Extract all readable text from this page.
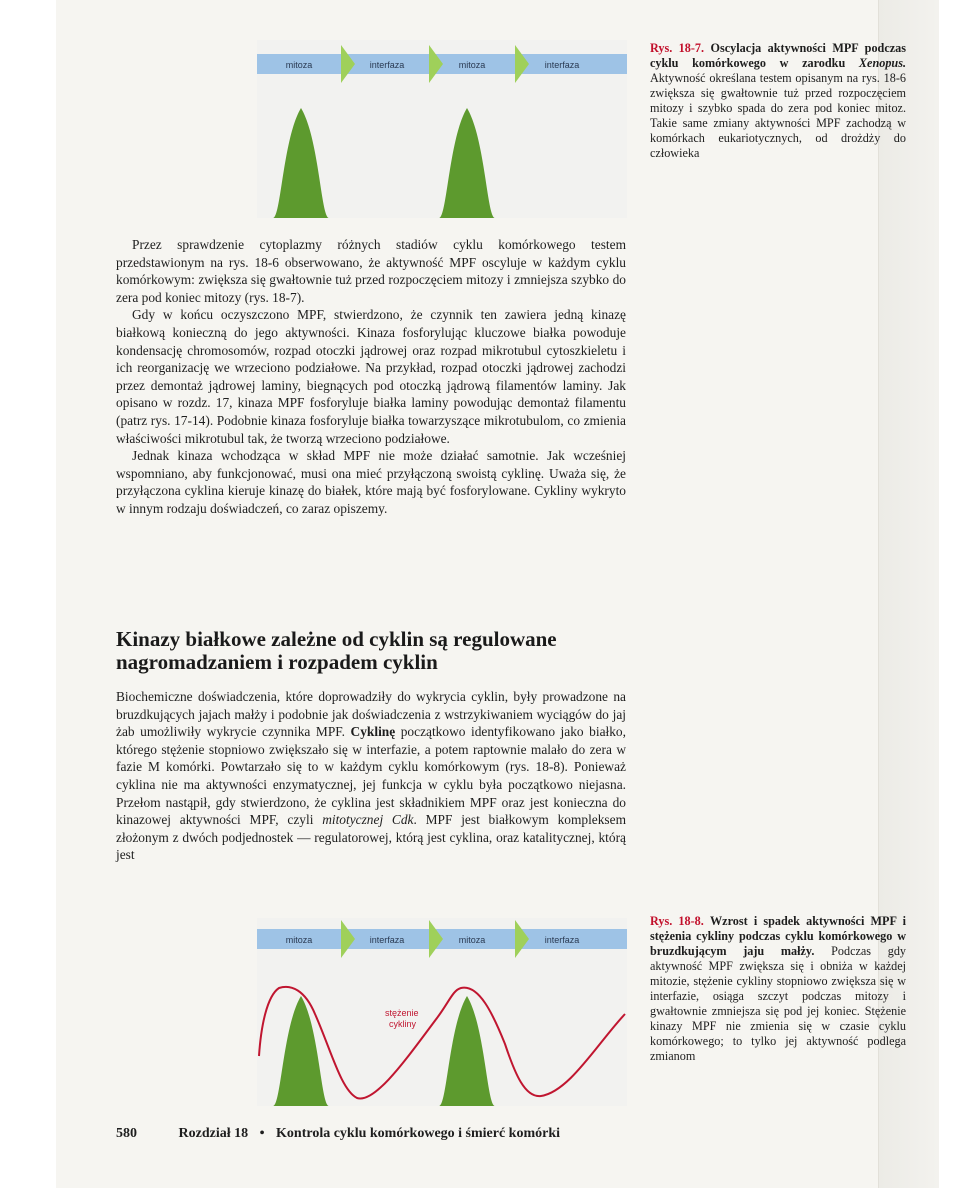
mitoza	interfaza	mitoza	interfaza
Rys. 18-7. Oscylacja aktywności MPF podczas cyklu komórkowego w zarodku Xenopus. Aktywność określana testem opisanym na rys. 18-6 zwiększa się gwałtownie tuż przed rozpoczęciem mitozy i szybko spada do zera pod koniec mitoz. Takie same zmiany aktywności MPF zachodzą w komórkach eukariotycznych, od drożdży do człowieka

Przez sprawdzenie cytoplazmy różnych stadiów cyklu komórkowego testem przedstawionym na rys. 18-6 obserwowano, że aktywność MPF oscyluje w każdym cyklu komórkowym: zwiększa się gwałtownie tuż przed rozpoczęciem mitozy i zmniejsza szybko do zera pod koniec mitozy (rys. 18-7).

Gdy w końcu oczyszczono MPF, stwierdzono, że czynnik ten zawiera jedną kinazę białkową konieczną do jego aktywności. Kinaza fosforylując kluczowe białka powoduje kondensację chromosomów, rozpad otoczki jądrowej oraz rozpad mikrotubul cytoszkieletu i ich reorganizację we wrzeciono podziałowe. Na przykład, rozpad otoczki jądrowej zachodzi przez demontaż jądrowej laminy, biegnących pod otoczką jądrową filamentów laminy. Jak opisano w rozdz. 17, kinaza MPF fosforyluje białka laminy powodując demontaż filamentu (patrz rys. 17-14). Podobnie kinaza fosforyluje białka towarzyszące mikrotubulom, co zmienia właściwości mikrotubul tak, że tworzą wrzeciono podziałowe.

Jednak kinaza wchodząca w skład MPF nie może działać samotnie. Jak wcześniej wspomniano, aby funkcjonować, musi ona mieć przyłączoną swoistą cyklinę. Uważa się, że przyłączona cyklina kieruje kinazę do białek, które mają być fosforylowane. Cykliny wykryto w innym rodzaju doświadczeń, co zaraz opiszemy.

Kinazy białkowe zależne od cyklin są regulowane nagromadzaniem i rozpadem cyklin

Biochemiczne doświadczenia, które doprowadziły do wykrycia cyklin, były prowadzone na bruzdkujących jajach małży i podobnie jak doświadczenia z wstrzykiwaniem wyciągów do jaj żab umożliwiły wykrycie czynnika MPF. Cyklinę początkowo identyfikowano jako białko, którego stężenie stopniowo zwiększało się w interfazie, a potem raptownie malało do zera w fazie M komórki. Powtarzało się to w każdym cyklu komórkowym (rys. 18-8). Ponieważ cyklina nie ma aktywności enzymatycznej, jej funkcja w cyklu była początkowo niejasna. Przełom nastąpił, gdy stwierdzono, że cyklina jest składnikiem MPF oraz jest konieczna do kinazowej aktywności MPF, czyli mitotycznej Cdk. MPF jest białkowym kompleksem złożonym z dwóch podjednostek — regulatorowej, którą jest cyklina, oraz katalitycznej, którą jest

mitoza	interfaza	mitoza	interfaza
stężenie
cykliny
Rys. 18-8. Wzrost i spadek aktywności MPF i stężenia cykliny podczas cyklu komórkowego w bruzdkującym jaju małży. Podczas gdy aktywność MPF zwiększa się i obniża w każdej mitozie, stężenie cykliny stopniowo zwiększa się w interfazie, osiąga szczyt podczas mitozy i gwałtownie zmniejsza się pod jej koniec. Stężenie kinazy MPF nie zmienia się w czasie cyklu komórkowego; to tylko jej aktywność podlega zmianom
580	Rozdział 18 • Kontrola cyklu komórkowego i śmierć komórki
